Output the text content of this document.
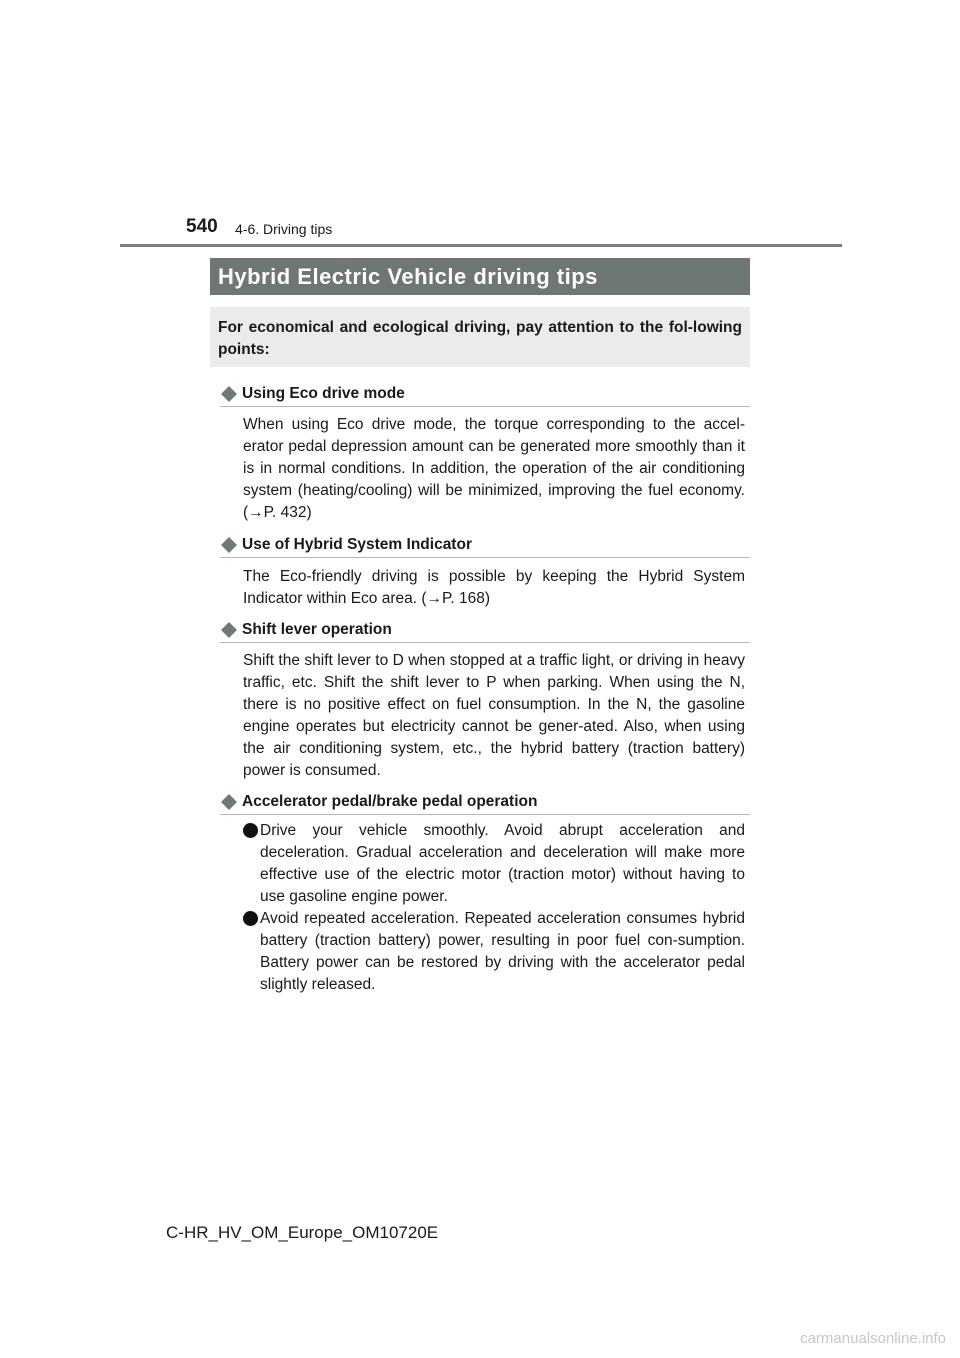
540 4-6. Driving tips
Hybrid Electric Vehicle driving tips
For economical and ecological driving, pay attention to the fol-lowing points:
Using Eco drive mode
When using Eco drive mode, the torque corresponding to the accel-erator pedal depression amount can be generated more smoothly than it is in normal conditions. In addition, the operation of the air conditioning system (heating/cooling) will be minimized, improving the fuel economy. (→P. 432)
Use of Hybrid System Indicator
The Eco-friendly driving is possible by keeping the Hybrid System Indicator within Eco area. (→P. 168)
Shift lever operation
Shift the shift lever to D when stopped at a traffic light, or driving in heavy traffic, etc. Shift the shift lever to P when parking. When using the N, there is no positive effect on fuel consumption. In the N, the gasoline engine operates but electricity cannot be gener-ated. Also, when using the air conditioning system, etc., the hybrid battery (traction battery) power is consumed.
Accelerator pedal/brake pedal operation
Drive your vehicle smoothly. Avoid abrupt acceleration and deceleration. Gradual acceleration and deceleration will make more effective use of the electric motor (traction motor) without having to use gasoline engine power.
Avoid repeated acceleration. Repeated acceleration consumes hybrid battery (traction battery) power, resulting in poor fuel con-sumption. Battery power can be restored by driving with the accelerator pedal slightly released.
C-HR_HV_OM_Europe_OM10720E
carmanualsonline.info
